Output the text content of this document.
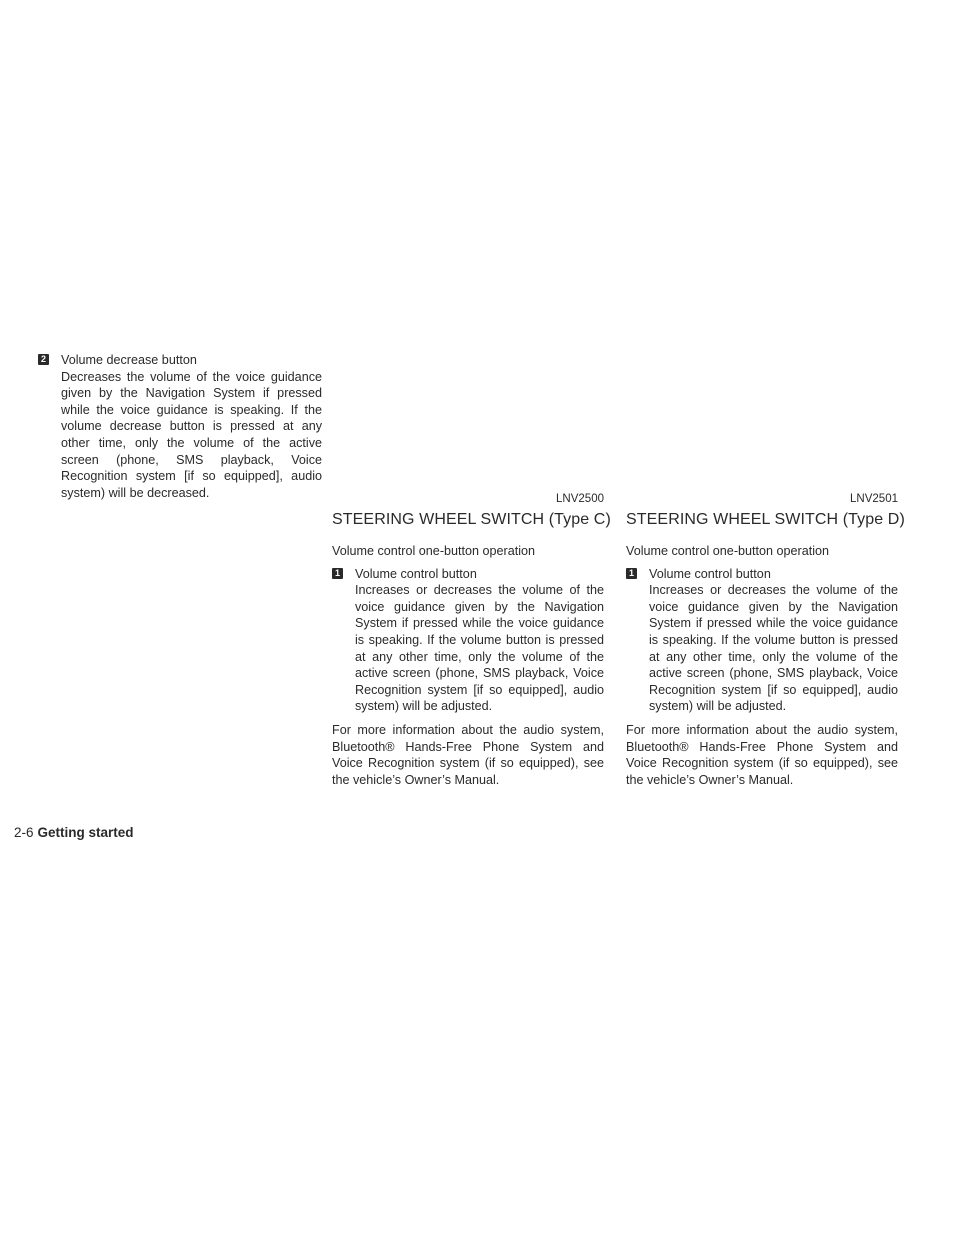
2 Volume decrease button
Decreases the volume of the voice guidance given by the Navigation System if pressed while the voice guidance is speaking. If the volume decrease button is pressed at any other time, only the volume of the active screen (phone, SMS playback, Voice Recognition system [if so equipped], audio system) will be decreased.	LNV2500
STEERING WHEEL SWITCH (Type C)
Volume control one-button operation
1 Volume control button
Increases or decreases the volume of the voice guidance given by the Navigation System if pressed while the voice guidance is speaking. If the volume button is pressed at any other time, only the volume of the active screen (phone, SMS playback, Voice Recognition system [if so equipped], audio system) will be adjusted.
For more information about the audio system, Bluetooth® Hands-Free Phone System and Voice Recognition system (if so equipped), see the vehicle’s Owner’s Manual.
LNV2501
STEERING WHEEL SWITCH (Type D)
Volume control one-button operation
1 Volume control button
Increases or decreases the volume of the voice guidance given by the Navigation System if pressed while the voice guidance is speaking. If the volume button is pressed at any other time, only the volume of the active screen (phone, SMS playback, Voice Recognition system [if so equipped], audio system) will be adjusted.
For more information about the audio system, Bluetooth® Hands-Free Phone System and Voice Recognition system (if so equipped), see the vehicle’s Owner’s Manual.
2-6 Getting started
